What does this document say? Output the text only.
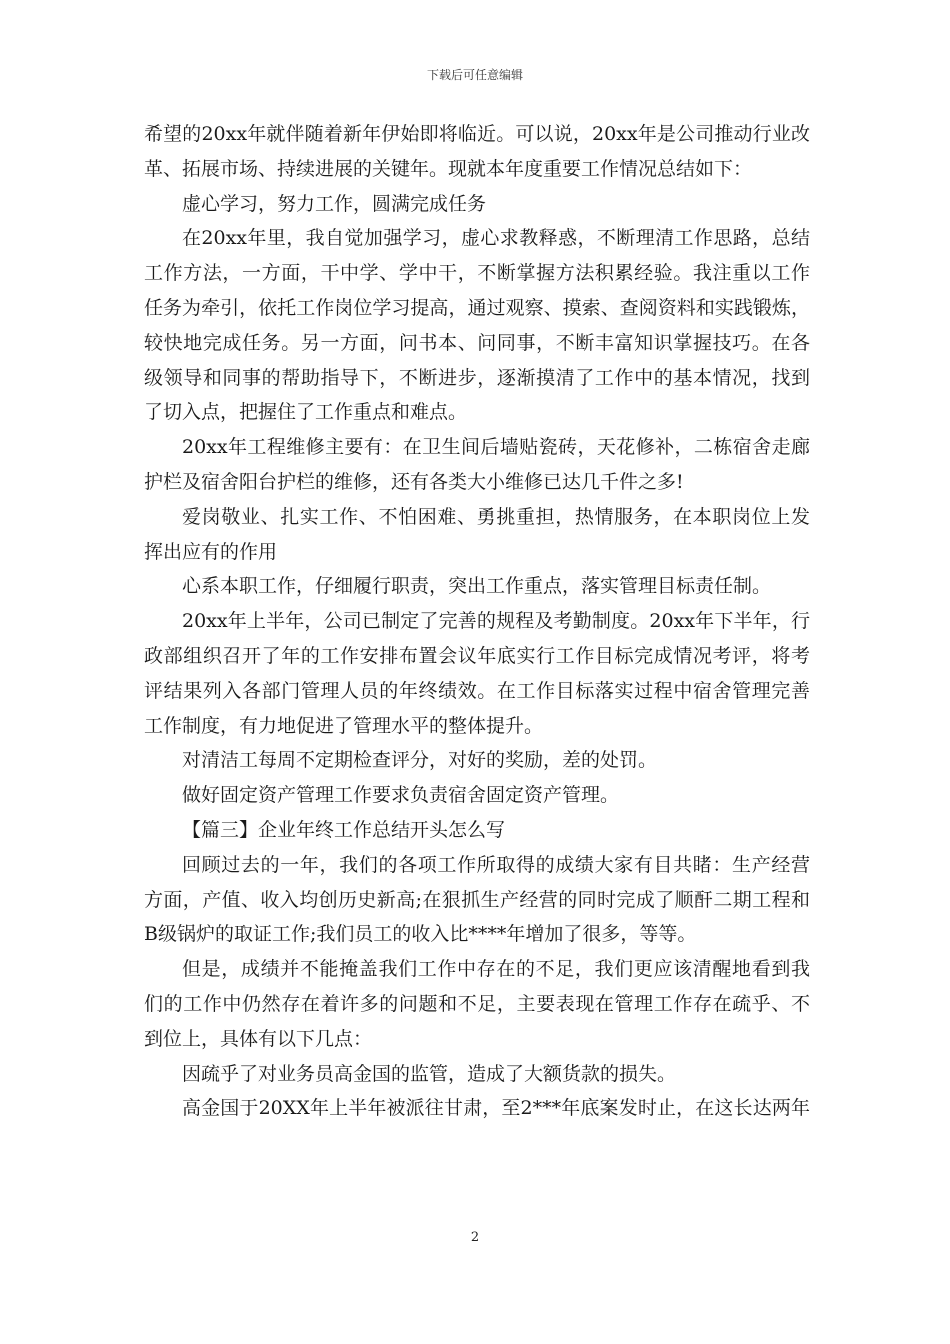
下载后可任意编辑
希望的20xx年就伴随着新年伊始即将临近。可以说，20xx年是公司推动行业改
革、拓展市场、持续进展的关键年。现就本年度重要工作情况总结如下：
虚心学习，努力工作，圆满完成任务
在20xx年里，我自觉加强学习，虚心求教释惑，不断理清工作思路，总结
工作方法，一方面，干中学、学中干，不断掌握方法积累经验。我注重以工作
任务为牵引，依托工作岗位学习提高，通过观察、摸索、查阅资料和实践锻炼，
较快地完成任务。另一方面，问书本、问同事，不断丰富知识掌握技巧。在各
级领导和同事的帮助指导下，不断进步，逐渐摸清了工作中的基本情况，找到
了切入点，把握住了工作重点和难点。
20xx年工程维修主要有：在卫生间后墙贴瓷砖，天花修补，二栋宿舍走廊
护栏及宿舍阳台护栏的维修，还有各类大小维修已达几千件之多!
爱岗敬业、扎实工作、不怕困难、勇挑重担，热情服务，在本职岗位上发
挥出应有的作用
心系本职工作，仔细履行职责，突出工作重点，落实管理目标责任制。
20xx年上半年，公司已制定了完善的规程及考勤制度。20xx年下半年，行
政部组织召开了年的工作安排布置会议年底实行工作目标完成情况考评，将考
评结果列入各部门管理人员的年终绩效。在工作目标落实过程中宿舍管理完善
工作制度，有力地促进了管理水平的整体提升。
对清洁工每周不定期检查评分，对好的奖励，差的处罚。
做好固定资产管理工作要求负责宿舍固定资产管理。
【篇三】企业年终工作总结开头怎么写
回顾过去的一年，我们的各项工作所取得的成绩大家有目共睹：生产经营
方面，产值、收入均创历史新高;在狠抓生产经营的同时完成了顺酐二期工程和
B级锅炉的取证工作;我们员工的收入比****年增加了很多，等等。
但是，成绩并不能掩盖我们工作中存在的不足，我们更应该清醒地看到我
们的工作中仍然存在着许多的问题和不足，主要表现在管理工作存在疏乎、不
到位上，具体有以下几点：
因疏乎了对业务员高金国的监管，造成了大额货款的损失。
高金国于20XX年上半年被派往甘肃，至2***年底案发时止，在这长达两年
2
